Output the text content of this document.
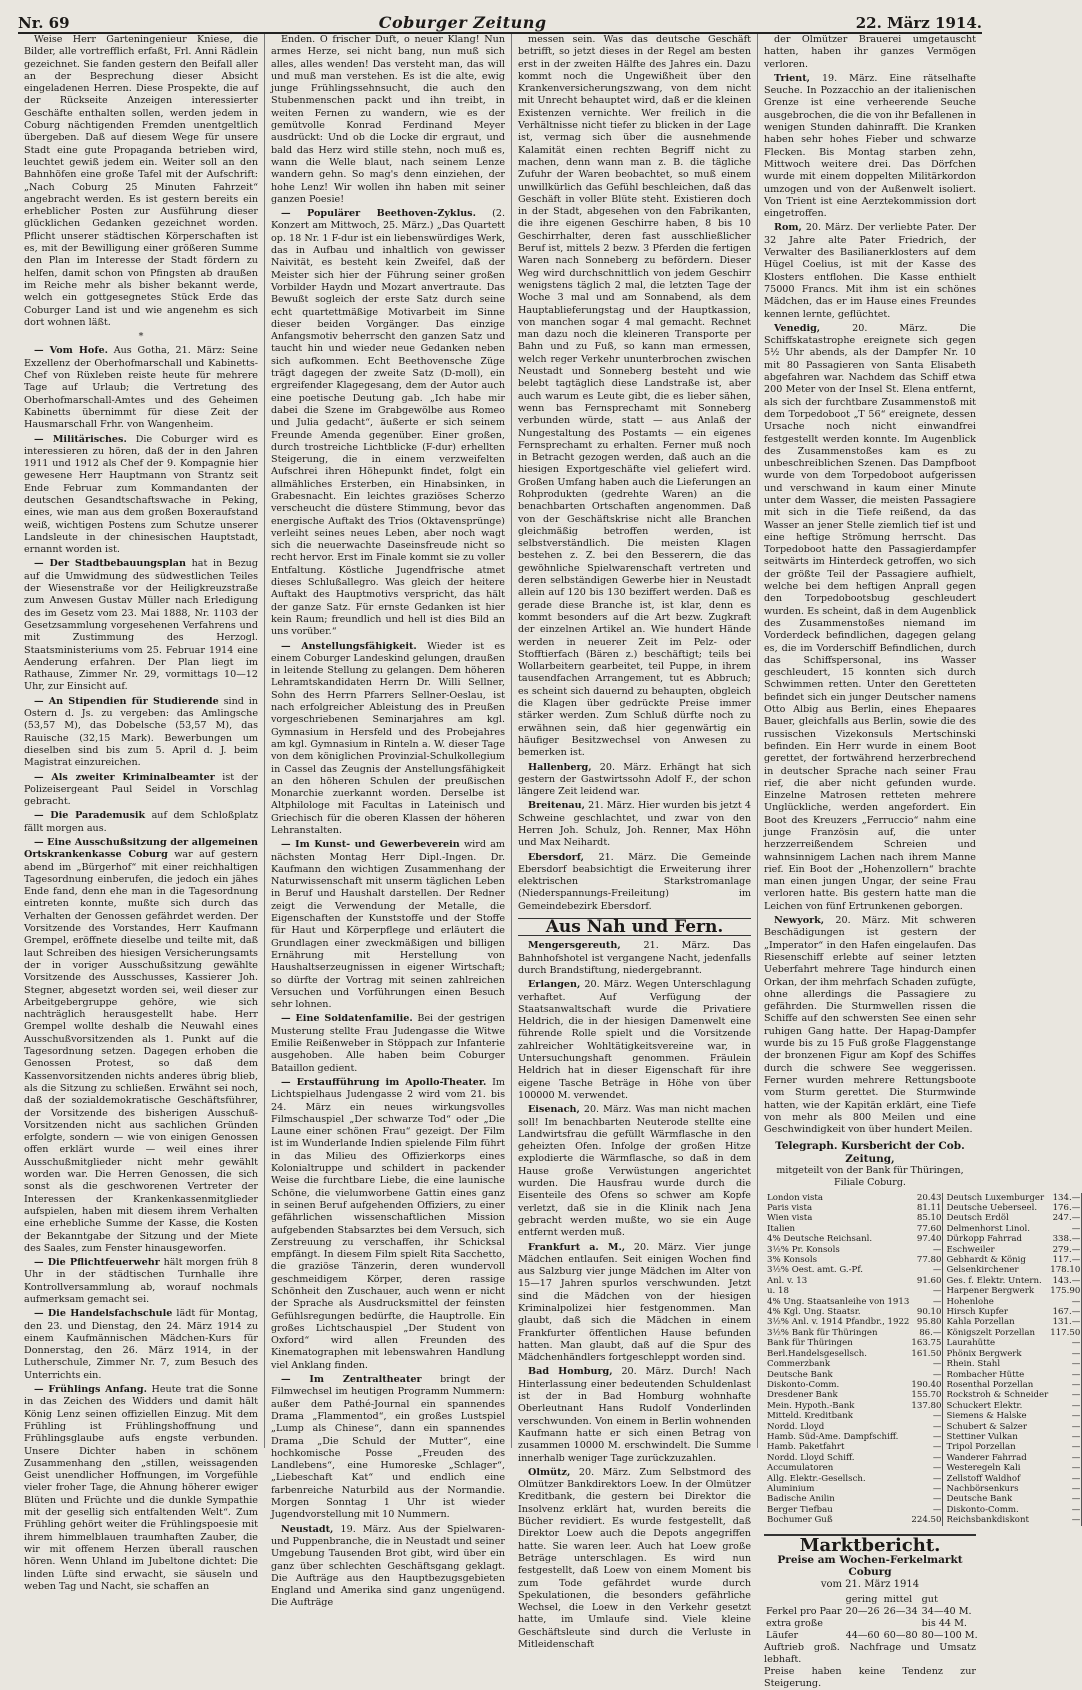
Nr. 69	Coburger Zeitung	22. März 1914.

Weise Herr Garteningenieur Kniese, die Bilder, alle vortrefflich erfaßt, Frl. Anni Rädlein gezeichnet. Sie fanden gestern den Beifall aller an der Besprechung dieser Absicht eingeladenen Herren. Diese Prospekte, die auf der Rückseite Anzeigen interessierter Geschäfte enthalten sollen, werden jedem in Coburg nächtigenden Fremden unentgeltlich übergeben. Daß auf diesem Wege für unsere Stadt eine gute Propaganda betrieben wird, leuchtet gewiß jedem ein. Weiter soll an den Bahnhöfen eine große Tafel mit der Aufschrift: „Nach Coburg 25 Minuten Fahrzeit“ angebracht werden. Es ist gestern bereits ein erheblicher Posten zur Ausführung dieser glücklichen Gedanken gezeichnet worden. Pflicht unserer städtischen Körperschaften ist es, mit der Bewilligung einer größeren Summe den Plan im Interesse der Stadt fördern zu helfen, damit schon von Pfingsten ab draußen im Reiche mehr als bisher bekannt werde, welch ein gottgesegnetes Stück Erde das Coburger Land ist und wie angenehm es sich dort wohnen läßt.

*

— Vom Hofe. Aus Gotha, 21. März: Seine Exzellenz der Oberhofmarschall und Kabinetts-Chef von Rüxleben reiste heute für mehrere Tage auf Urlaub; die Vertretung des Oberhofmarschall-Amtes und des Geheimen Kabinetts übernimmt für diese Zeit der Hausmarschall Frhr. von Wangenheim.

— Militärisches. Die Coburger wird es interessieren zu hören, daß der in den Jahren 1911 und 1912 als Chef der 9. Kompagnie hier gewesene Herr Hauptmann von Strantz seit Ende Februar zum Kommandanten der deutschen Gesandtschaftswache in Peking, eines, wie man aus dem großen Boxeraufstand weiß, wichtigen Postens zum Schutze unserer Landsleute in der chinesischen Hauptstadt, ernannt worden ist.

— Der Stadtbebauungsplan hat in Bezug auf die Umwidmung des südwestlichen Teiles der Wiesenstraße vor der Heiligkreuzstraße zum Anwesen Gustav Müller nach Erledigung des im Gesetz vom 23. Mai 1888, Nr. 1103 der Gesetzsammlung vorgesehenen Verfahrens und mit Zustimmung des Herzogl. Staatsministeriums vom 25. Februar 1914 eine Aenderung erfahren. Der Plan liegt im Rathause, Zimmer Nr. 29, vormittags 10—12 Uhr, zur Einsicht auf.

— An Stipendien für Studierende sind in Ostern d. Js. zu vergeben: das Amlingsche (53,57 M), das Dobelsche (53,57 M), das Rauische (32,15 Mark). Bewerbungen um dieselben sind bis zum 5. April d. J. beim Magistrat einzureichen.

— Als zweiter Kriminalbeamter ist der Polizeisergeant Paul Seidel in Vorschlag gebracht.

— Die Parademusik auf dem Schloßplatz fällt morgen aus.

— Eine Ausschußsitzung der allgemeinen Ortskrankenkasse Coburg war auf gestern abend im „Bürgerhof“ mit einer reichhaltigen Tagesordnung einberufen, die jedoch ein jähes Ende fand, denn ehe man in die Tagesordnung eintreten konnte, mußte sich durch das Verhalten der Genossen gefährdet werden. Der Vorsitzende des Vorstandes, Herr Kaufmann Grempel, eröffnete dieselbe und teilte mit, daß laut Schreiben des hiesigen Versicherungsamts der in voriger Ausschußsitzung gewählte Vorsitzende des Ausschusses, Kassierer Joh. Stegner, abgesetzt worden sei, weil dieser zur Arbeitgebergruppe gehöre, wie sich nachträglich herausgestellt habe. Herr Grempel wollte deshalb die Neuwahl eines Ausschußvorsitzenden als 1. Punkt auf die Tagesordnung setzen. Dagegen erhoben die Genossen Protest, so daß dem Kassenvorsitzenden nichts anderes übrig blieb, als die Sitzung zu schließen. Erwähnt sei noch, daß der sozialdemokratische Geschäftsführer, der Vorsitzende des bisherigen Ausschuß-Vorsitzenden nicht aus sachlichen Gründen erfolgte, sondern — wie von einigen Genossen offen erklärt wurde — weil eines ihrer Ausschußmitglieder nicht mehr gewählt worden war. Die Herren Genossen, die sich sonst als die geschworenen Vertreter der Interessen der Krankenkassenmitglieder aufspielen, haben mit diesem ihrem Verhalten eine erhebliche Summe der Kasse, die Kosten der Bekanntgabe der Sitzung und der Miete des Saales, zum Fenster hinausgeworfen.

— Die Pflichtfeuerwehr hält morgen früh 8 Uhr in der städtischen Turnhalle ihre Kontrollversammlung ab, worauf nochmals aufmerksam gemacht sei.

— Die Handelsfachschule lädt für Montag, den 23. und Dienstag, den 24. März 1914 zu einem Kaufmännischen Mädchen-Kurs für Donnerstag, den 26. März 1914, in der Lutherschule, Zimmer Nr. 7, zum Besuch des Unterrichts ein.

— Frühlings Anfang. Heute trat die Sonne in das Zeichen des Widders und damit hält König Lenz seinen offiziellen Einzug. Mit dem Frühling ist Frühlingshoffnung und Frühlingsglaube aufs engste verbunden. Unsere Dichter haben in schönem Zusammenhang den „stillen, weissagenden Geist unendlicher Hoffnungen, im Vorgefühle vieler froher Tage, die Ahnung höherer ewiger Blüten und Früchte und die dunkle Sympathie mit der gesellig sich entfaltenden Welt“. Zum Frühling gehört weiter die Frühlingspoesie mit ihrem himmelblauen traumhaften Zauber, die wir mit offenem Herzen überall rauschen hören. Wenn Uhland im Jubeltone dichtet: Die linden Lüfte sind erwacht, sie säuseln und weben Tag und Nacht, sie schaffen an

Enden. O frischer Duft, o neuer Klang! Nun armes Herze, sei nicht bang, nun muß sich alles, alles wenden! Das versteht man, das will und muß man verstehen. Es ist die alte, ewig junge Frühlingssehnsucht, die auch den Stubenmenschen packt und ihn treibt, in weiten Fernen zu wandern, wie es der gemütvolle Konrad Ferdinand Meyer ausdrückt: Und ob die Locke dir ergraut, und bald das Herz wird stille stehn, noch muß es, wann die Welle blaut, nach seinem Lenze wandern gehn. So mag's denn einziehen, der hohe Lenz! Wir wollen ihn haben mit seiner ganzen Poesie!

— Populärer Beethoven-Zyklus. (2. Konzert am Mittwoch, 25. März.) „Das Quartett op. 18 Nr. 1 F-dur ist ein liebenswürdiges Werk, das in Aufbau und inhaltlich von gewisser Naivität, es besteht kein Zweifel, daß der Meister sich hier der Führung seiner großen Vorbilder Haydn und Mozart anvertraute. Das Bewußt sogleich der erste Satz durch seine echt quartettmäßige Motivarbeit im Sinne dieser beiden Vorgänger. Das einzige Anfangsmotiv beherrscht den ganzen Satz und taucht hin und wieder neue Gedanken neben sich aufkommen. Echt Beethovensche Züge trägt dagegen der zweite Satz (D-moll), ein ergreifender Klagegesang, dem der Autor auch eine poetische Deutung gab. „Ich habe mir dabei die Szene im Grabgewölbe aus Romeo und Julia gedacht“, äußerte er sich seinem Freunde Amenda gegenüber. Einer großen, durch trostreiche Lichtblicke (F-dur) erhellten Steigerung, die in einem verzweifelten Aufschrei ihren Höhepunkt findet, folgt ein allmähliches Ersterben, ein Hinabsinken, in Grabesnacht. Ein leichtes graziöses Scherzo verscheucht die düstere Stimmung, bevor das energische Auftakt des Trios (Oktavensprünge) verleiht seines neues Leben, aber noch wagt sich die neuerwachte Daseinsfreude nicht so recht hervor. Erst im Finale kommt sie zu voller Entfaltung. Köstliche Jugendfrische atmet dieses Schlußallegro. Was gleich der heitere Auftakt des Hauptmotivs verspricht, das hält der ganze Satz. Für ernste Gedanken ist hier kein Raum; freundlich und hell ist dies Bild an uns vorüber.“

— Anstellungsfähigkeit. Wieder ist es einem Coburger Landeskind gelungen, draußen in leitende Stellung zu gelangen. Dem höheren Lehramtskandidaten Herrn Dr. Willi Sellner, Sohn des Herrn Pfarrers Sellner-Oeslau, ist nach erfolgreicher Ableistung des in Preußen vorgeschriebenen Seminarjahres am kgl. Gymnasium in Hersfeld und des Probejahres am kgl. Gymnasium in Rinteln a. W. dieser Tage von dem königlichen Provinzial-Schulkollegium in Cassel das Zeugnis der Anstellungsfähigkeit an den höheren Schulen der preußischen Monarchie zuerkannt worden. Derselbe ist Altphilologe mit Facultas in Lateinisch und Griechisch für die oberen Klassen der höheren Lehranstalten.

— Im Kunst- und Gewerbeverein wird am nächsten Montag Herr Dipl.-Ingen. Dr. Kaufmann den wichtigen Zusammenhang der Naturwissenschaft mit unserm täglichen Leben in Beruf und Haushalt darstellen. Der Redner zeigt die Verwendung der Metalle, die Eigenschaften der Kunststoffe und der Stoffe für Haut und Körperpflege und erläutert die Grundlagen einer zweckmäßigen und billigen Ernährung mit Herstellung von Haushaltserzeugnissen in eigener Wirtschaft; so dürfte der Vortrag mit seinen zahlreichen Versuchen und Vorführungen einen Besuch sehr lohnen.

— Eine Soldatenfamilie. Bei der gestrigen Musterung stellte Frau Judengasse die Witwe Emilie Reißenweber in Stöppach zur Infanterie ausgehoben. Alle haben beim Coburger Bataillon gedient.

— Erstaufführung im Apollo-Theater. Im Lichtspielhaus Judengasse 2 wird vom 21. bis 24. März ein neues wirkungsvolles Filmschauspiel „Der schwarze Tod“ oder „Die Laune einer schönen Frau“ gezeigt. Der Film ist im Wunderlande Indien spielende Film führt in das Milieu des Offizierkorps eines Kolonialtruppe und schildert in packender Weise die furchtbare Liebe, die eine launische Schöne, die vielumworbene Gattin eines ganz in seinen Beruf aufgehenden Offiziers, zu einer gefährlichen wissenschaftlichen Mission aufgebenden Stabsarztes bei dem Versuch, sich Zerstreuung zu verschaffen, ihr Schicksal empfängt. In diesem Film spielt Rita Sacchetto, die graziöse Tänzerin, deren wundervoll geschmeidigem Körper, deren rassige Schönheit den Zuschauer, auch wenn er nicht der Sprache als Ausdrucksmittel der feinsten Gefühlsregungen bedürfte, die Hauptrolle. Ein großes Lichtschauspiel „Der Student von Oxford“ wird allen Freunden des Kinematographen mit lebenswahren Handlung viel Anklang finden.

— Im Zentraltheater bringt der Filmwechsel im heutigen Programm Nummern: außer dem Pathé-Journal ein spannendes Drama „Flammentod“, ein großes Lustspiel „Lump als Chinese“, dann ein spannendes Drama „Die Schuld der Mutter“, eine hochkomische Posse „Freuden des Landlebens“, eine Humoreske „Schlager“, „Liebeschaft Kat“ und endlich eine farbenreiche Naturbild aus der Normandie. Morgen Sonntag 1 Uhr ist wieder Jugendvorstellung mit 10 Nummern.

Neustadt, 19. März. Aus der Spielwaren- und Puppenbranche, die in Neustadt und seiner Umgebung Tausenden Brot gibt, wird über ein ganz über schlechten Geschäftsgang geklagt. Die Aufträge aus den Hauptbezugsgebieten England und Amerika sind ganz ungenügend. Die Aufträge

messen sein. Was das deutsche Geschäft betrifft, so jetzt dieses in der Regel am besten erst in der zweiten Hälfte des Jahres ein. Dazu kommt noch die Ungewißheit über den Krankenversicherungszwang, von dem nicht mit Unrecht behauptet wird, daß er die kleinen Existenzen vernichte. Wer freilich in die Verhältnisse nicht tiefer zu blicken in der Lage ist, vermag sich über die ausnehmende Kalamität einen rechten Begriff nicht zu machen, denn wann man z. B. die tägliche Zufuhr der Waren beobachtet, so muß einem unwillkürlich das Gefühl beschleichen, daß das Geschäft in voller Blüte steht. Existieren doch in der Stadt, abgesehen von den Fabrikanten, die ihre eigenen Geschirre haben, 8 bis 10 Geschirrhalter, deren fast ausschließlicher Beruf ist, mittels 2 bezw. 3 Pferden die fertigen Waren nach Sonneberg zu befördern. Dieser Weg wird durchschnittlich von jedem Geschirr wenigstens täglich 2 mal, die letzten Tage der Woche 3 mal und am Sonnabend, als dem Hauptablieferungstag und der Hauptkassion, von manchen sogar 4 mal gemacht. Rechnet man dazu noch die kleineren Transporte per Bahn und zu Fuß, so kann man ermessen, welch reger Verkehr ununterbrochen zwischen Neustadt und Sonneberg besteht und wie belebt tagtäglich diese Landstraße ist, aber auch warum es Leute gibt, die es lieber sähen, wenn bas Fernsprechamt mit Sonneberg verbunden würde, statt — aus Anlaß der Nungestaltung des Postamts — ein eigenes Fernsprechamt zu erhalten. Ferner muß noch in Betracht gezogen werden, daß auch an die hiesigen Exportgeschäfte viel geliefert wird. Großen Umfang haben auch die Lieferungen an Rohprodukten (gedrehte Waren) an die benachbarten Ortschaften angenommen. Daß von der Geschäftskrise nicht alle Branchen gleichmäßig betroffen werden, ist selbstverständlich. Die meisten Klagen bestehen z. Z. bei den Besserern, die das gewöhnliche Spielwarenschaft vertreten und deren selbständigen Gewerbe hier in Neustadt allein auf 120 bis 130 beziffert werden. Daß es gerade diese Branche ist, ist klar, denn es kommt besonders auf die Art bezw. Zugkraft der einzelnen Artikel an. Wie hundert Hände werden in neuerer Zeit im Pelz- oder Stofftierfach (Bären z.) beschäftigt; teils bei Wollarbeitern gearbeitet, teil Puppe, in ihrem tausendfachen Arrangement, tut es Abbruch; es scheint sich dauernd zu behaupten, obgleich die Klagen über gedrückte Preise immer stärker werden. Zum Schluß dürfte noch zu erwähnen sein, daß hier gegenwärtig ein häufiger Besitzwechsel von Anwesen zu bemerken ist.

Hallenberg, 20. März. Erhängt hat sich gestern der Gastwirtssohn Adolf F., der schon längere Zeit leidend war.

Breitenau, 21. März. Hier wurden bis jetzt 4 Schweine geschlachtet, und zwar von den Herren Joh. Schulz, Joh. Renner, Max Höhn und Max Neihardt.

Ebersdorf, 21. März. Die Gemeinde Ebersdorf beabsichtigt die Erweiterung ihrer elektrischen Starkstromanlage (Niederspannungs-Freileitung) im Gemeindebezirk Ebersdorf.

Aus Nah und Fern.

Mengersgereuth, 21. März. Das Bahnhofshotel ist vergangene Nacht, jedenfalls durch Brandstiftung, niedergebrannt.

Erlangen, 20. März. Wegen Unterschlagung verhaftet. Auf Verfügung der Staatsanwaltschaft wurde die Privatiere Heldrich, die in der hiesigen Damenwelt eine führende Rolle spielt und die Vorsitzende zahlreicher Wohltätigkeitsvereine war, in Untersuchungshaft genommen. Fräulein Heldrich hat in dieser Eigenschaft für ihre eigene Tasche Beträge in Höhe von über 100000 M. verwendet.

Eisenach, 20. März. Was man nicht machen soll! Im benachbarten Neuterode stellte eine Landwirtsfrau die gefüllt Wärmflasche in den geheizten Ofen. Infolge der großen Hitze explodierte die Wärmflasche, so daß in dem Hause große Verwüstungen angerichtet wurden. Die Hausfrau wurde durch die Eisenteile des Ofens so schwer am Kopfe verletzt, daß sie in die Klinik nach Jena gebracht werden mußte, wo sie ein Auge entfernt werden muß.

Frankfurt a. M., 20. März. Vier junge Mädchen entlaufen. Seit einigen Wochen find aus Salzburg vier junge Mädchen im Alter von 15—17 Jahren spurlos verschwunden. Jetzt sind die Mädchen von der hiesigen Kriminalpolizei hier festgenommen. Man glaubt, daß sich die Mädchen in einem Frankfurter öffentlichen Hause befunden hatten. Man glaubt, daß auf die Spur des Mädchenhändlers fortgeschleppt worden sind.

Bad Homburg, 20. März. Durch! Nach Hinterlassung einer bedeutenden Schuldenlast ist der in Bad Homburg wohnhafte Oberleutnant Hans Rudolf Vonderlinden verschwunden. Von einem in Berlin wohnenden Kaufmann hatte er sich einen Betrag von zusammen 10000 M. erschwindelt. Die Summe innerhalb weniger Tage zurückzuzahlen.

Olmütz, 20. März. Zum Selbstmord des Olmützer Bankdirektors Loew. In der Olmützer Kreditbank, die gestern bei Direktor die Insolvenz erklärt hat, wurden bereits die Bücher revidiert. Es wurde festgestellt, daß Direktor Loew auch die Depots angegriffen hatte. Sie waren leer. Auch hat Loew große Beträge unterschlagen. Es wird nun festgestellt, daß Loew von einem Moment bis zum Tode gefährdet wurde durch Spekulationen, die besonders gefährliche Wechsel, die Loew in den Verkehr gesetzt hatte, im Umlaufe sind. Viele kleine Geschäftsleute sind durch die Verluste in Mitleidenschaft

der Olmützer Brauerei umgetauscht hatten, haben ihr ganzes Vermögen verloren.

Trient, 19. März. Eine rätselhafte Seuche. In Pozzacchio an der italienischen Grenze ist eine verheerende Seuche ausgebrochen, die die von ihr Befallenen in wenigen Stunden dahinrafft. Die Kranken haben sehr hohes Fieber und schwarze Flecken. Bis Montag starben zehn, Mittwoch weitere drei. Das Dörfchen wurde mit einem doppelten Militärkordon umzogen und von der Außenwelt isoliert. Von Trient ist eine Aerztekommission dort eingetroffen.

Rom, 20. März. Der verliebte Pater. Der 32 Jahre alte Pater Friedrich, der Verwalter des Basilianerklosters auf dem Hügel Coelius, ist mit der Kasse des Klosters entflohen. Die Kasse enthielt 75000 Francs. Mit ihm ist ein schönes Mädchen, das er im Hause eines Freundes kennen lernte, geflüchtet.

Venedig,	20. März. Die Schiffskatastrophe ereignete sich gegen 5½ Uhr abends, als der Dampfer Nr. 10 mit 80 Passagieren von Santa Elisabeth abgefahren war. Nachdem das Schiff etwa 200 Meter von der Insel St. Elena entfernt, als sich der furchtbare Zusammenstoß mit dem Torpedoboot „T 56“ ereignete, dessen Ursache noch nicht einwandfrei festgestellt werden konnte. Im Augenblick des Zusammenstoßes kam es zu unbeschreiblichen Szenen. Das Dampfboot wurde von dem Torpedoboot aufgerissen und verschwand in kaum einer Minute unter dem Wasser, die meisten Passagiere mit sich in die Tiefe reißend, da das Wasser an jener Stelle ziemlich tief ist und eine heftige Strömung herrscht. Das Torpedoboot hatte den Passagierdampfer seitwärts im Hinterdeck getroffen, wo sich der größte Teil der Passagiere aufhielt, welche bei dem heftigen Anprall gegen den Torpedobootsbug geschleudert wurden. Es scheint, daß in dem Augenblick des Zusammenstoßes niemand im Vorderdeck befindlichen, dagegen gelang es, die im Vorderschiff Befindlichen, durch das Schiffspersonal, ins Wasser geschleudert, 15 konnten sich durch Schwimmen retten. Unter den Geretteten befindet sich ein junger Deutscher namens Otto Albig aus Berlin, eines Ehepaares Bauer, gleichfalls aus Berlin, sowie die des russischen Vizekonsuls Mertschinski befinden. Ein Herr wurde in einem Boot gerettet, der fortwährend herzerbrechend in deutscher Sprache nach seiner Frau rief, die aber nicht gefunden wurde. Einzelne Matrosen retteten mehrere Unglückliche, werden angefordert. Ein Boot des Kreuzers „Ferruccio“ nahm eine junge Französin auf, die unter herzzerreißendem Schreien und wahnsinnigem Lachen nach ihrem Manne rief. Ein Boot der „Hohenzollern“ brachte man einen jungen Ungar, der seine Frau verloren hatte. Bis gestern hatte man die Leichen von fünf Ertrunkenen geborgen.

Newyork, 20. März. Mit schweren Beschädigungen ist gestern der „Imperator“ in den Hafen eingelaufen. Das Riesenschiff erlebte auf seiner letzten Ueberfahrt mehrere Tage hindurch einen Orkan, der ihm mehrfach Schaden zufügte, ohne allerdings die Passagiere zu gefährden. Die Sturmwellen rissen die Schiffe auf den schwersten See einen sehr ruhigen Gang hatte. Der Hapag-Dampfer wurde bis zu 15 Fuß große Flaggenstange der bronzenen Figur am Kopf des Schiffes durch die schwere See weggerissen. Ferner wurden mehrere Rettungsboote vom Sturm gerettet. Die Sturmwinde hatten, wie der Kapitän erklärt, eine Tiefe von mehr als 800 Meilen und eine Geschwindigkeit von über hundert Meilen.

Telegraph. Kursbericht der Cob. Zeitung,
mitgeteilt von der Bank für Thüringen,
Filiale Coburg.
London vista	20.43	Deutsch Luxemburger	134.—
Paris vista	81.11	Deutsche Ueberseel.	176.—
Wien vista	85.10	Deutsch Erdöl	247.—
Italien	77.60	Delmenhorst Linol.	—
4% Deutsche Reichsanl.	97.40	Dürkopp Fahrrad	338.—
3½% Pr. Konsols	—	Eschweiler	279.—
3% Konsols	77.80	Gebhardt & König	117.—
3½% Oest. amt. G.-Pf.	—	Gelsenkirchener	178.10
Anl. v. 13	91.60	Ges. f. Elektr. Untern.	143.—
u. 18	—	Harpener Bergwerk	175.90
4% Ung. Staatsanleihe von 1913	—	Hohenlohe	—
4% Kgl. Ung. Staatsr.	90.10	Hirsch Kupfer	167.—
3½% Anl. v. 1914 Pfandbr., 1922	95.80	Kahla Porzellan	131.—
3½% Bank für Thüringen	86.—	Königszelt Porzellan	117.50
Bank für Thüringen	163.75	Laurahütte	—
Berl.Handelsgesellsch.	161.50	Phönix Bergwerk	—
Commerzbank	—	Rhein. Stahl	—
Deutsche Bank	—	Rombacher Hütte	—
Diskonto-Comm.	190.40	Rosenthal Porzellan	—
Dresdener Bank	155.70	Rockstroh & Schneider	—
Mein. Hypoth.-Bank	137.80	Schuckert Elektr.	—
Mitteld. Kreditbank	—	Siemens & Halske	—
Nordd. Lloyd	—	Schubert & Salzer	—
Hamb. Süd-Ame. Dampfschiff.	—	Stettiner Vulkan	—
Hamb. Paketfahrt	—	Tripol Porzellan	—
Nordd. Lloyd Schiff.	—	Wanderer Fahrrad	—
Accumulatoren	—	Westeregeln Kali	—
Allg. Elektr.-Gesellsch.	—	Zellstoff Waldhof	—
Aluminium	—	Nachbörsenkurs	—
Badische Anilin	—	Deutsche Bank	—
Berger Tiefbau	—	Diskonto-Comm.	—
Bochumer Guß	224.50	Reichsbankdiskont	—
Marktbericht.
Preise am Wochen-Ferkelmarkt Coburg
vom 21. März 1914
	gering	mittel	gut
Ferkel pro Paar	20—26	26—34	34—40 M.
extra große			bis 44 M.
Läufer	44—60	60—80	80—100 M.
Auftrieb groß. Nachfrage und Umsatz lebhaft.
Preise haben keine Tendenz zur Steigerung.
